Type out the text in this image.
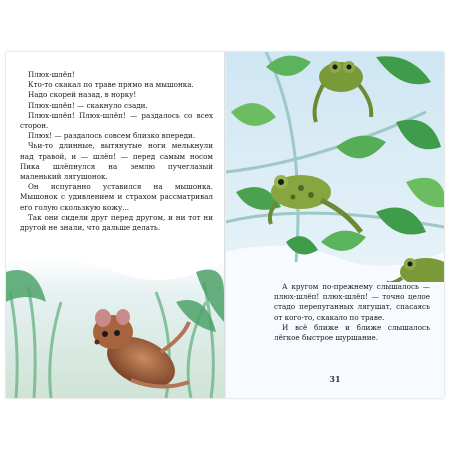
Плюх-шлёп!

Кто-то скакал по траве прямо на мышонка.

Надо скорей назад, в норку!

Плюх-шлёп! — скакнуло сзади.

Плюх-шлёп! Плюх-шлёп! — раздалось со всех сторон.

Плюх! — раздалось совсем близко впереди.

Чьи-то длинные, вытянутые ноги мелькнули над травой, и — шлёп! — перед самым носом Пика шлёпнулся на землю пучеглазый маленький лягушонок.

Он испуганно уставился на мышонка. Мышонок с удивлением и страхом рассматривал его голую скользкую кожу...

Так они сидели друг перед другом, и ни тот ни другой не знали, что дальше делать.

А кругом по-прежнему слышалось — плюх-шлёп! плюх-шлёп! — точно целое стадо перепуганных лягушат, спасаясь от кого-то, скакало по траве.

И всё ближе и ближе слышалось лёгкое быстрое шуршание.

31
